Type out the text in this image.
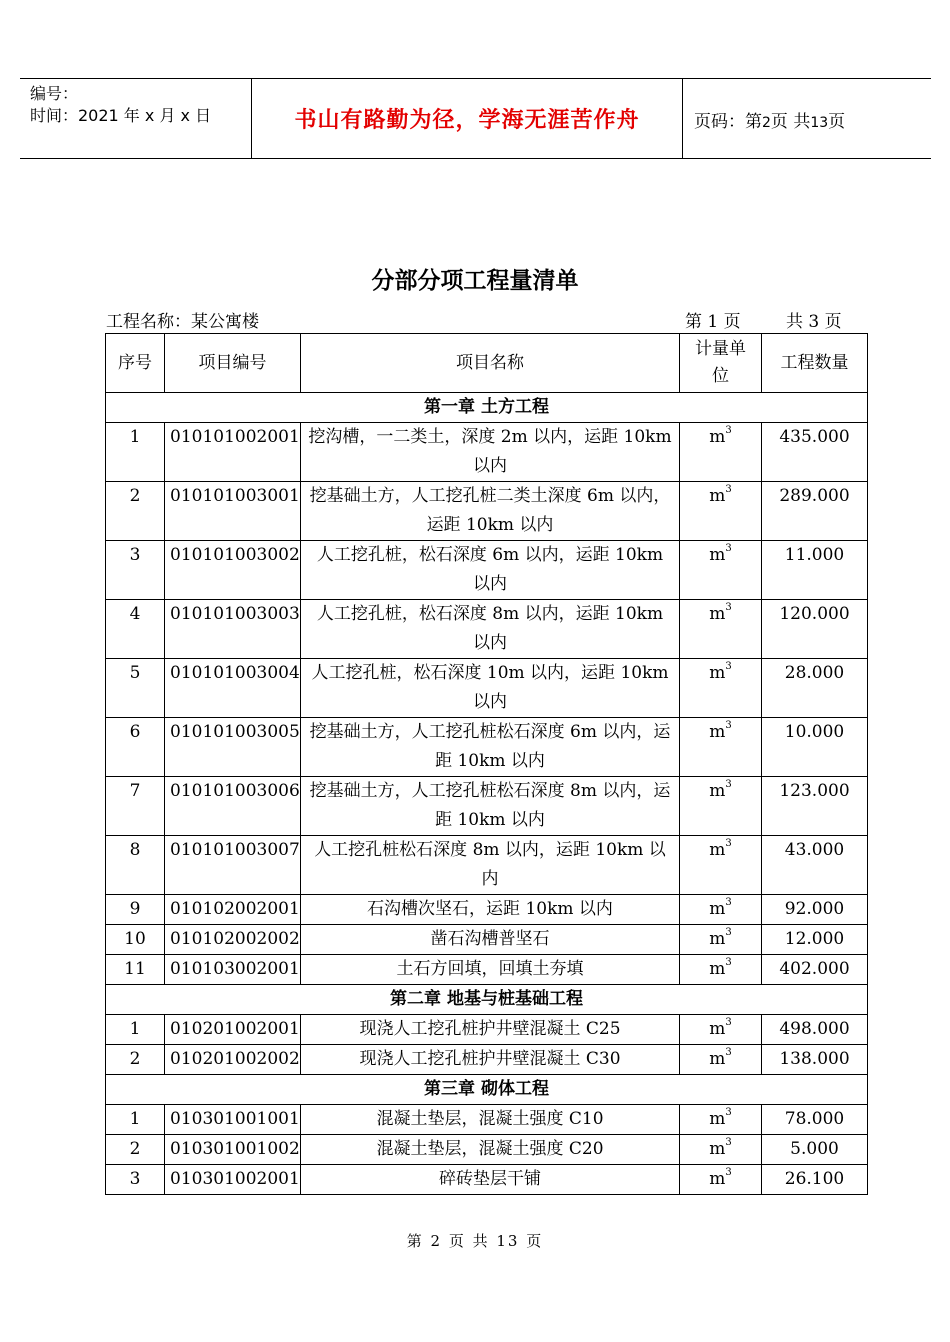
编号：
时间：2021 年 x 月 x 日	书山有路勤为径，学海无涯苦作舟	页码：第2页 共13页
分部分项工程量清单
工程名称：某公寓楼	第 1 页	共 3 页
序号	项目编号	项目名称	计量单位	工程数量
第一章 土方工程				
1	010101002001	挖沟槽，一二类土，深度 2m 以内，运距 10km 以内	$m^3$	435.000
2	010101003001	挖基础土方，人工挖孔桩二类土深度 6m 以内，运距 10km 以内	$m^3$	289.000
3	010101003002	人工挖孔桩，松石深度 6m 以内，运距 10km 以内	$m^3$	11.000
4	010101003003	人工挖孔桩，松石深度 8m 以内，运距 10km 以内	$m^3$	120.000
5	010101003004	人工挖孔桩，松石深度 10m 以内，运距 10km 以内	$m^3$	28.000
6	010101003005	挖基础土方，人工挖孔桩松石深度 6m 以内，运距 10km 以内	$m^3$	10.000
7	010101003006	挖基础土方，人工挖孔桩松石深度 8m 以内，运距 10km 以内	$m^3$	123.000
8	010101003007	人工挖孔桩松石深度 8m 以内，运距 10km 以内	$m^3$	43.000
9	010102002001	石沟槽次坚石，运距 10km 以内	$m^3$	92.000
10	010102002002	凿石沟槽普坚石	$m^3$	12.000
11	010103002001	土石方回填，回填土夯填	$m^3$	402.000
第二章 地基与桩基础工程				
1	010201002001	现浇人工挖孔桩护井壁混凝土 C25	$m^3$	498.000
2	010201002002	现浇人工挖孔桩护井壁混凝土 C30	$m^3$	138.000
第三章 砌体工程				
1	010301001001	混凝土垫层，混凝土强度 C10	$m^3$	78.000
2	010301001002	混凝土垫层，混凝土强度 C20	$m^3$	5.000
3	010301002001	碎砖垫层干铺	$m^3$	26.100
第 2 页 共 13 页
